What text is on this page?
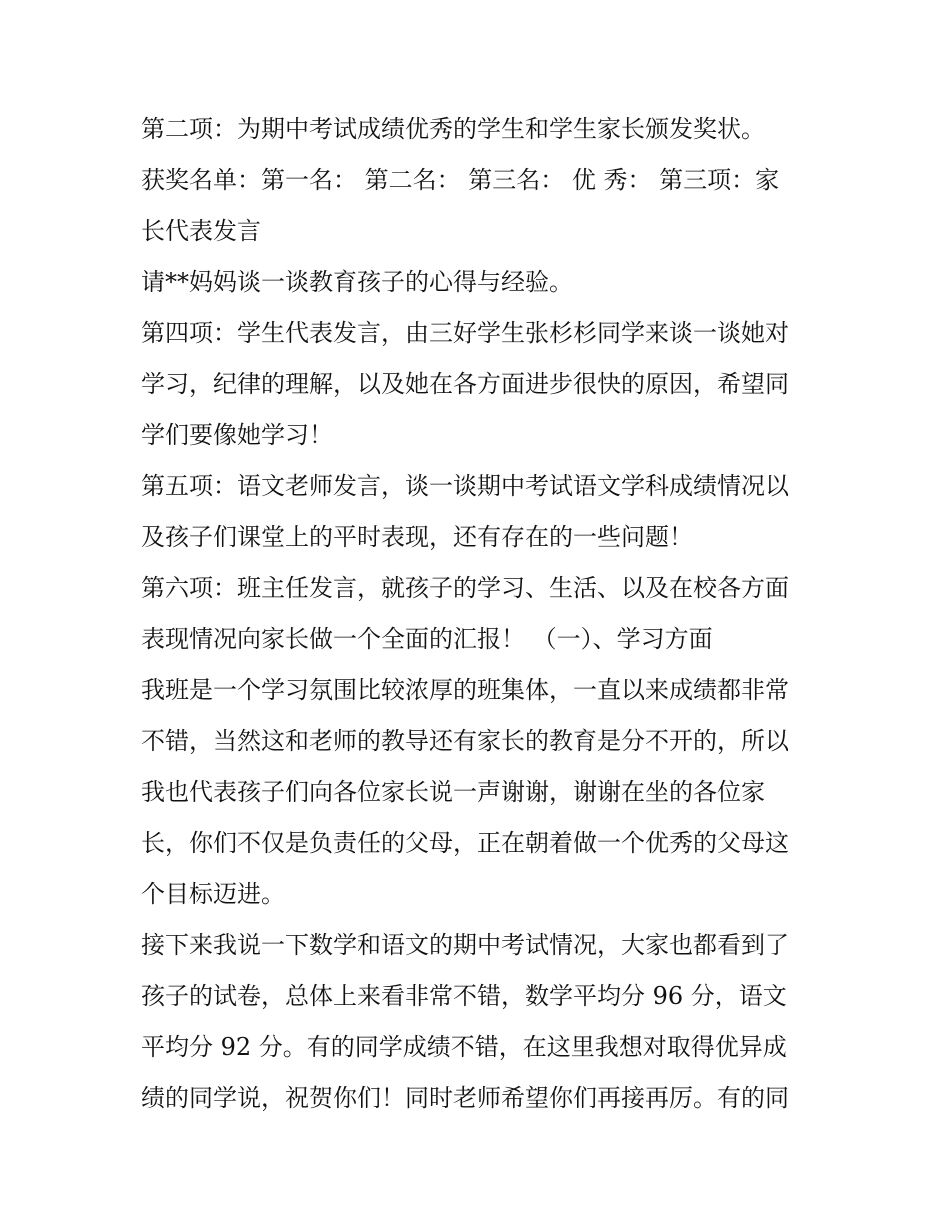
第二项：为期中考试成绩优秀的学生和学生家长颁发奖状。
获奖名单：第一名： 第二名： 第三名： 优 秀： 第三项：家
长代表发言
请**妈妈谈一谈教育孩子的心得与经验。
第四项：学生代表发言，由三好学生张杉杉同学来谈一谈她对
学习，纪律的理解，以及她在各方面进步很快的原因，希望同
学们要像她学习！
第五项：语文老师发言，谈一谈期中考试语文学科成绩情况以
及孩子们课堂上的平时表现，还有存在的一些问题！
第六项：班主任发言，就孩子的学习、生活、以及在校各方面
表现情况向家长做一个全面的汇报！ （一）、学习方面
我班是一个学习氛围比较浓厚的班集体，一直以来成绩都非常
不错，当然这和老师的教导还有家长的教育是分不开的，所以
我也代表孩子们向各位家长说一声谢谢，谢谢在坐的各位家
长，你们不仅是负责任的父母，正在朝着做一个优秀的父母这
个目标迈进。
接下来我说一下数学和语文的期中考试情况，大家也都看到了
孩子的试卷，总体上来看非常不错，数学平均分 96 分，语文
平均分 92 分。有的同学成绩不错，在这里我想对取得优异成
绩的同学说，祝贺你们！同时老师希望你们再接再厉。有的同
